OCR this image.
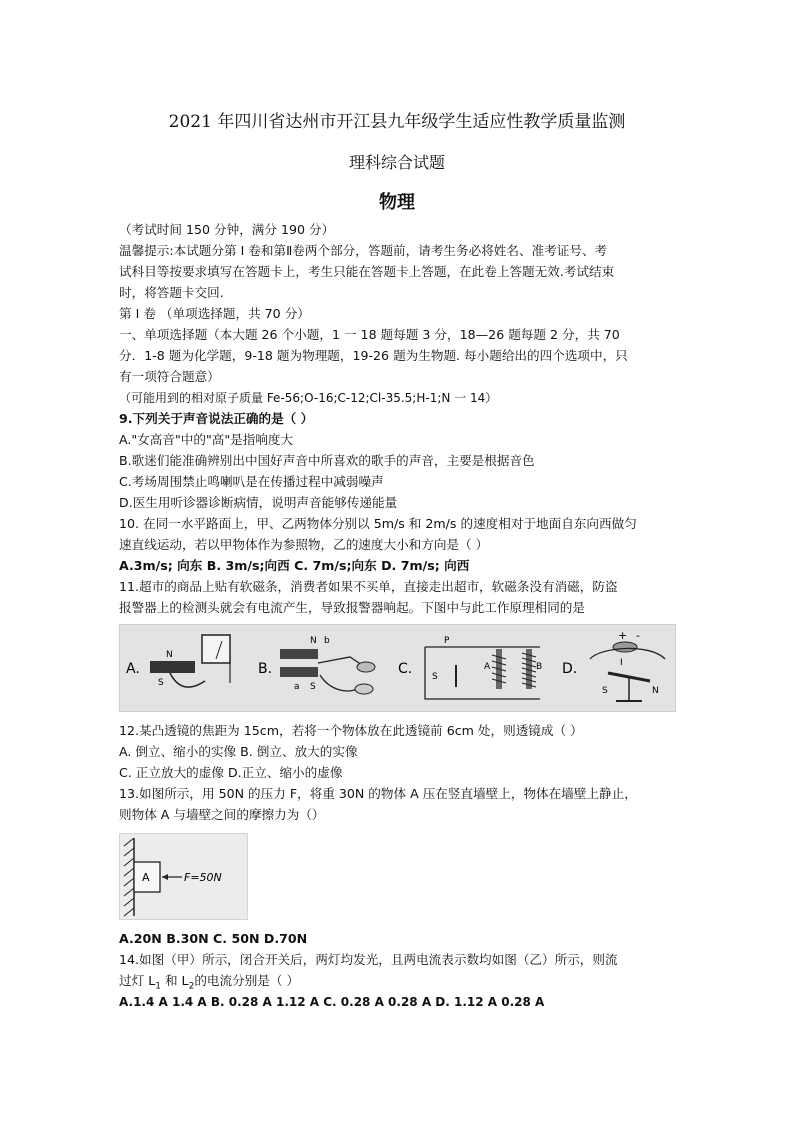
2021 年四川省达州市开江县九年级学生适应性教学质量监测
理科综合试题
物理
（考试时间 150 分钟，满分 190 分）
温馨提示:本试题分第 I 卷和第Ⅱ卷两个部分，答题前，请考生务必将姓名、准考证号、考
试科目等按要求填写在答题卡上，考生只能在答题卡上答题，在此卷上答题无效.考试结束
时，将答题卡交回.
第 I 卷 （单项选择题，共 70 分）
一、单项选择题（本大题 26 个小题，1 一 18 题每题 3 分，18—26 题每题 2 分，共 70
分．1-8 题为化学题，9-18 题为物理题，19-26 题为生物题. 每小题给出的四个选项中，只
有一项符合题意）
（可能用到的相对原子质量 Fe-56;O-16;C-12;Cl-35.5;H-1;N 一 14）
9.下列关于声音说法正确的是（ ）
A."女高音"中的"高"是指响度大
B.歌迷们能准确辨别出中国好声音中所喜欢的歌手的声音，主要是根据音色
C.考场周围禁止鸣喇叭是在传播过程中减弱噪声
D.医生用听诊器诊断病情，说明声音能够传递能量
10. 在同一水平路面上，甲、乙两物体分别以 5m/s 和 2m/s 的速度相对于地面自东向西做匀
速直线运动，若以甲物体作为参照物，乙的速度大小和方向是（ ）
A.3m/s; 向东 B. 3m/s;向西 C. 7m/s;向东 D. 7m/s; 向西
11.超市的商品上贴有软磁条，消费者如果不买单，直接走出超市，软磁条没有消磁，防盗
报警器上的检测头就会有电流产生，导致报警器响起。下图中与此工作原理相同的是
A.
N
S
B.
N b
a S
C.
P
S
A	B D.
+ -
I
S	N
12.某凸透镜的焦距为 15cm，若将一个物体放在此透镜前 6cm 处，则透镜成（ ）
A. 倒立、缩小的实像 B. 倒立、放大的实像
C. 正立放大的虚像 D.正立、缩小的虚像
13.如图所示，用 50N 的压力 F，将重 30N 的物体 A 压在竖直墙壁上，物体在墙壁上静止，
则物体 A 与墙壁之间的摩擦力为（）
A	F=50N
A.20N B.30N C. 50N D.70N
14.如图（甲）所示，闭合开关后，两灯均发光，且两电流表示数均如图（乙）所示，则流
过灯 $L_1$ 和 $L_2$的电流分别是（ ）
A.1.4 A 1.4 A B. 0.28 A 1.12 A C. 0.28 A 0.28 A D. 1.12 A 0.28 A
